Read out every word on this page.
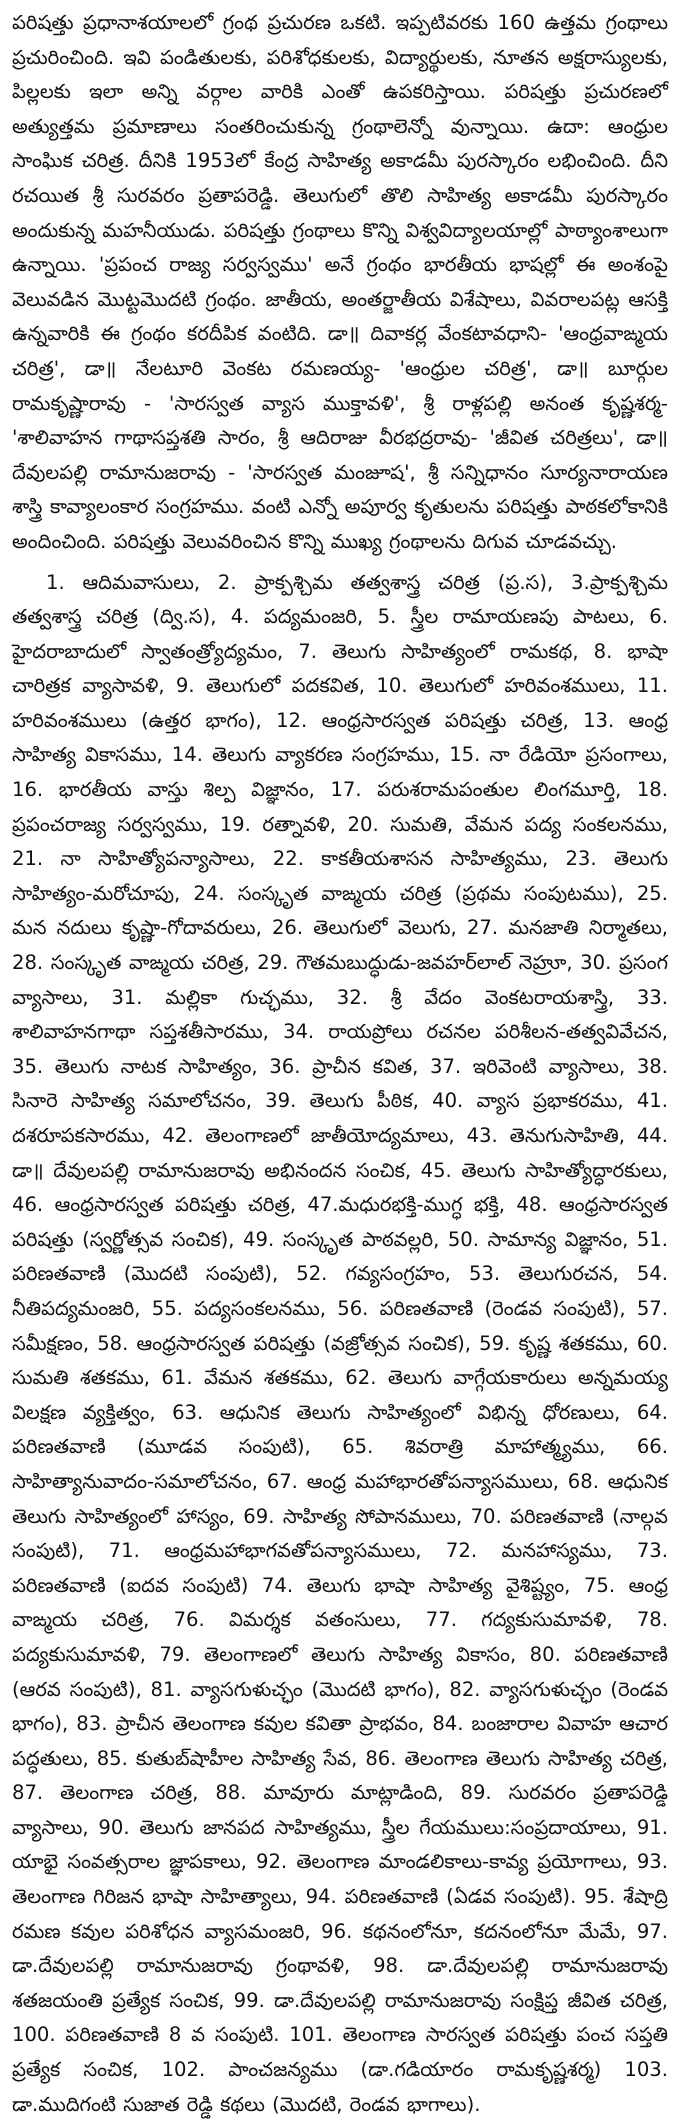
పరిషత్తు ప్రధానాశయాలలో గ్రంథ ప్రచురణ ఒకటి. ఇప్పటివరకు 160 ఉత్తమ గ్రంథాలు ప్రచురించింది. ఇవి పండితులకు, పరిశోధకులకు, విద్యార్థులకు, నూతన అక్షరాస్యులకు, పిల్లలకు ఇలా అన్ని వర్గాల వారికి ఎంతో ఉపకరిస్తాయి. పరిషత్తు ప్రచురణలో అత్యుత్తమ ప్రమాణాలు సంతరించుకున్న గ్రంథాలెన్నో వున్నాయి. ఉదా: ఆంధ్రుల సాంఘిక చరిత్ర. దీనికి 1953లో కేంద్ర సాహిత్య అకాడమీ పురస్కారం లభించింది. దీని రచయిత శ్రీ సురవరం ప్రతాపరెడ్డి. తెలుగులో తొలి సాహిత్య అకాడమీ పురస్కారం అందుకున్న మహనీయుడు. పరిషత్తు గ్రంథాలు కొన్ని విశ్వవిద్యాలయాల్లో పాఠ్యాంశాలుగా ఉన్నాయి. 'ప్రపంచ రాజ్య సర్వస్వము' అనే గ్రంథం భారతీయ భాషల్లో ఈ అంశంపై వెలువడిన మొట్టమొదటి గ్రంథం. జాతీయ, అంతర్జాతీయ విశేషాలు, వివరాలపట్ల ఆసక్తి ఉన్నవారికి ఈ గ్రంథం కరదీపిక వంటిది. డా॥ దివాకర్ల వేంకటావధాని- 'ఆంధ్రవాఙ్మయ చరిత్ర', డా॥ నేలటూరి వెంకట రమణయ్య- 'ఆంధ్రుల చరిత్ర', డా॥ బూర్గుల రామకృష్ణారావు - 'సారస్వత వ్యాస ముక్తావళి', శ్రీ రాళ్లపల్లి అనంత కృష్ణశర్మ- 'శాలివాహన గాథాసప్తశతి సారం, శ్రీ ఆదిరాజు వీరభద్రరావు- 'జీవిత చరిత్రలు', డా॥ దేవులపల్లి రామానుజరావు - 'సారస్వత మంజూష', శ్రీ సన్నిధానం సూర్యనారాయణ శాస్త్రి కావ్యాలంకార సంగ్రహము. వంటి ఎన్నో అపూర్వ కృతులను పరిషత్తు పాఠకలోకానికి అందించింది. పరిషత్తు వెలువరించిన కొన్ని ముఖ్య గ్రంథాలను దిగువ చూడవచ్చు.

1. ఆదిమవాసులు, 2. ప్రాక్పశ్చిమ తత్వశాస్త్ర చరిత్ర (ప్ర.స), 3.ప్రాక్పశ్చిమ తత్వశాస్త్ర చరిత్ర (ద్వి.స), 4. పద్యమంజరి, 5. స్త్రీల రామాయణపు పాటలు, 6. హైదరాబాదులో స్వాతంత్ర్యోద్యమం, 7. తెలుగు సాహిత్యంలో రామకథ, 8. భాషా చారిత్రక వ్యాసావళి, 9. తెలుగులో పదకవిత, 10. తెలుగులో హరివంశములు, 11. హరివంశములు (ఉత్తర భాగం), 12. ఆంధ్రసారస్వత పరిషత్తు చరిత్ర, 13. ఆంధ్ర సాహిత్య వికాసము, 14. తెలుగు వ్యాకరణ సంగ్రహము, 15. నా రేడియో ప్రసంగాలు, 16. భారతీయ వాస్తు శిల్ప విజ్ఞానం, 17. పరుశరామపంతుల లింగమూర్తి, 18. ప్రపంచరాజ్య సర్వస్వము, 19. రత్నావళి, 20. సుమతి, వేమన పద్య సంకలనము, 21. నా సాహిత్యోపన్యాసాలు, 22. కాకతీయశాసన సాహిత్యము, 23. తెలుగు సాహిత్యం-మరోచూపు, 24. సంస్కృత వాఙ్మయ చరిత్ర (ప్రథమ సంపుటము), 25. మన నదులు కృష్ణా-గోదావరులు, 26. తెలుగులో వెలుగు, 27. మనజాతి నిర్మాతలు, 28. సంస్కృత వాఙ్మయ చరిత్ర, 29. గౌతమబుద్ధుడు-జవహర్‌లాల్ నెహ్రూ, 30. ప్రసంగ వ్యాసాలు, 31. మల్లికా గుచ్ఛము, 32. శ్రీ వేదం వెంకటరాయశాస్త్రి, 33. శాలివాహనగాథా సప్తశతీసారము, 34. రాయప్రోలు రచనల పరిశీలన-తత్వవివేచన, 35. తెలుగు నాటక సాహిత్యం, 36. ప్రాచీన కవిత, 37. ఇరివెంటి వ్యాసాలు, 38. సినారె సాహిత్య సమాలోచనం, 39. తెలుగు పీఠిక, 40. వ్యాస ప్రభాకరము, 41. దశరూపకసారము, 42. తెలంగాణలో జాతీయోద్యమాలు, 43. తెనుగుసాహితి, 44. డా॥ దేవులపల్లి రామానుజరావు అభినందన సంచిక, 45. తెలుగు సాహిత్యోద్ధారకులు, 46. ఆంధ్రసారస్వత పరిషత్తు చరిత్ర, 47.మధురభక్తి-ముగ్ధ భక్తి, 48. ఆంధ్రసారస్వత పరిషత్తు (స్వర్ణోత్సవ సంచిక), 49. సంస్కృత పాఠవల్లరి, 50. సామాన్య విజ్ఞానం, 51. పరిణతవాణి (మొదటి సంపుటి), 52. గవ్యసంగ్రహం, 53. తెలుగురచన, 54. నీతిపద్యమంజరి, 55. పద్యసంకలనము, 56. పరిణతవాణి (రెండవ సంపుటి), 57. సమీక్షణం, 58. ఆంధ్రసారస్వత పరిషత్తు (వజ్రోత్సవ సంచిక), 59. కృష్ణ శతకము, 60. సుమతి శతకము, 61. వేమన శతకము, 62. తెలుగు వాగ్గేయకారులు అన్నమయ్య విలక్షణ వ్యక్తిత్వం, 63. ఆధునిక తెలుగు సాహిత్యంలో విభిన్న ధోరణులు, 64. పరిణతవాణి (మూడవ సంపుటి), 65. శివరాత్రి మాహాత్మ్యము, 66. సాహిత్యానువాదం-సమాలోచనం, 67. ఆంధ్ర మహాభారతోపన్యాసములు, 68. ఆధునిక తెలుగు సాహిత్యంలో హాస్యం, 69. సాహిత్య సోపానములు, 70. పరిణతవాణి (నాల్గవ సంపుటి), 71. ఆంధ్రమహాభాగవతోపన్యాసములు, 72. మనహాస్యము, 73. పరిణతవాణి (ఐదవ సంపుటి) 74. తెలుగు భాషా సాహిత్య వైశిష్ట్యం, 75. ఆంధ్ర వాఙ్మయ చరిత్ర, 76. విమర్శక వతంసులు, 77. గద్యకుసుమావళి, 78. పద్యకుసుమావళి, 79. తెలంగాణలో తెలుగు సాహిత్య వికాసం, 80. పరిణతవాణి (ఆరవ సంపుటి), 81. వ్యాసగుళుచ్ఛం (మొదటి భాగం), 82. వ్యాసగుళుచ్ఛం (రెండవ భాగం), 83. ప్రాచీన తెలంగాణ కవుల కవితా ప్రాభవం, 84. బంజారాల వివాహ ఆచార పద్ధతులు, 85. కుతుబ్‌షాహీల సాహిత్య సేవ, 86. తెలంగాణ తెలుగు సాహిత్య చరిత్ర, 87. తెలంగాణ చరిత్ర, 88. మావూరు మాట్లాడింది, 89. సురవరం ప్రతాపరెడ్డి వ్యాసాలు, 90. తెలుగు జానపద సాహిత్యము, స్త్రీల గేయములు:సంప్రదాయాలు, 91. యాభై సంవత్సరాల జ్ఞాపకాలు, 92. తెలంగాణ మాండలికాలు-కావ్య ప్రయోగాలు, 93. తెలంగాణ గిరిజన భాషా సాహిత్యాలు, 94. పరిణతవాణి (ఏడవ సంపుటి). 95. శేషాద్రి రమణ కవుల పరిశోధన వ్యాసమంజరి, 96. కథనంలోనూ, కదనంలోనూ మేమే, 97. డా.దేవులపల్లి రామానుజరావు గ్రంథావళి, 98. డా.దేవులపల్లి రామానుజరావు శతజయంతి ప్రత్యేక సంచిక, 99. డా.దేవులపల్లి రామానుజరావు సంక్షిప్త జీవిత చరిత్ర, 100. పరిణతవాణి 8 వ సంపుటి. 101. తెలంగాణ సారస్వత పరిషత్తు పంచ సప్తతి ప్రత్యేక సంచిక, 102. పాంచజన్యము (డా.గడియారం రామకృష్ణశర్మ) 103. డా.ముదిగంటి సుజాత రెడ్డి కథలు (మొదటి, రెండవ భాగాలు).
